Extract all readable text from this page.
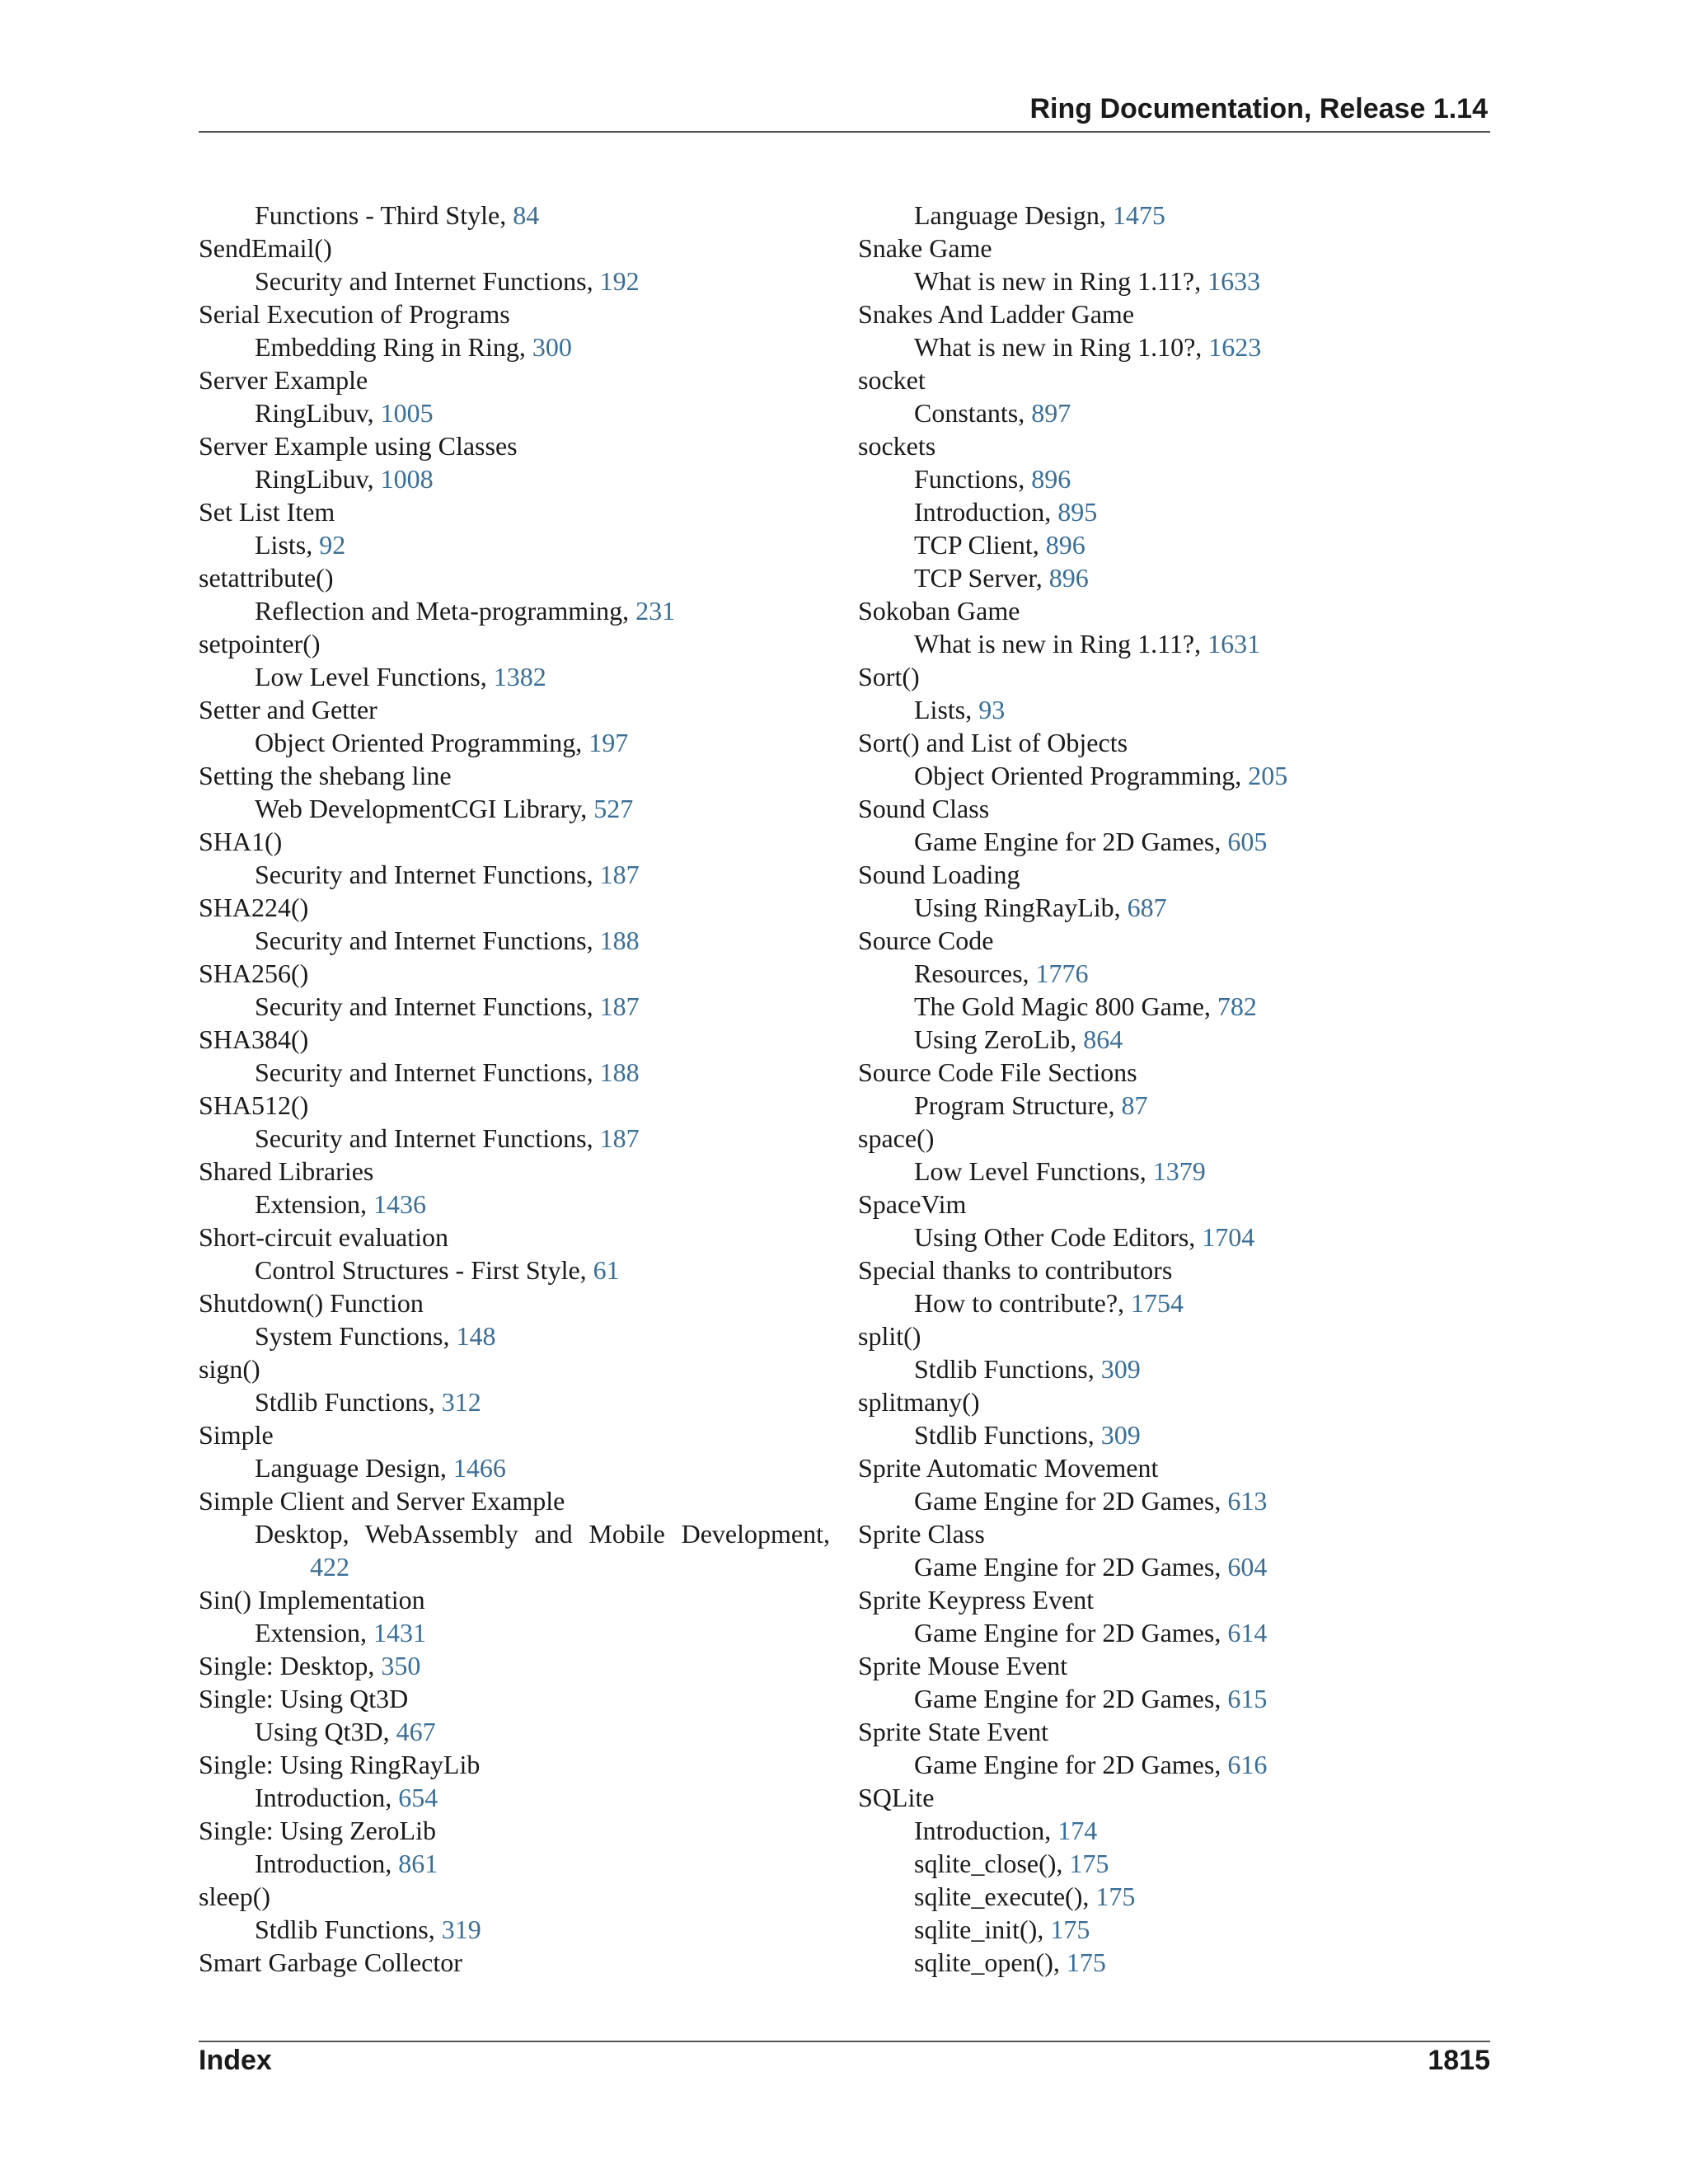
Ring Documentation, Release 1.14
Functions - Third Style, 84
SendEmail()
Security and Internet Functions, 192
Serial Execution of Programs
Embedding Ring in Ring, 300
Server Example
RingLibuv, 1005
Server Example using Classes
RingLibuv, 1008
Set List Item
Lists, 92
setattribute()
Reflection and Meta-programming, 231
setpointer()
Low Level Functions, 1382
Setter and Getter
Object Oriented Programming, 197
Setting the shebang line
Web DevelopmentCGI Library, 527
SHA1()
Security and Internet Functions, 187
SHA224()
Security and Internet Functions, 188
SHA256()
Security and Internet Functions, 187
SHA384()
Security and Internet Functions, 188
SHA512()
Security and Internet Functions, 187
Shared Libraries
Extension, 1436
Short-circuit evaluation
Control Structures - First Style, 61
Shutdown() Function
System Functions, 148
sign()
Stdlib Functions, 312
Simple
Language Design, 1466
Simple Client and Server Example
Desktop, WebAssembly and Mobile Development, 422
Sin() Implementation
Extension, 1431
Single: Desktop, 350
Single: Using Qt3D
Using Qt3D, 467
Single: Using RingRayLib
Introduction, 654
Single: Using ZeroLib
Introduction, 861
sleep()
Stdlib Functions, 319
Smart Garbage Collector
Language Design, 1475
Snake Game
What is new in Ring 1.11?, 1633
Snakes And Ladder Game
What is new in Ring 1.10?, 1623
socket
Constants, 897
sockets
Functions, 896
Introduction, 895
TCP Client, 896
TCP Server, 896
Sokoban Game
What is new in Ring 1.11?, 1631
Sort()
Lists, 93
Sort() and List of Objects
Object Oriented Programming, 205
Sound Class
Game Engine for 2D Games, 605
Sound Loading
Using RingRayLib, 687
Source Code
Resources, 1776
The Gold Magic 800 Game, 782
Using ZeroLib, 864
Source Code File Sections
Program Structure, 87
space()
Low Level Functions, 1379
SpaceVim
Using Other Code Editors, 1704
Special thanks to contributors
How to contribute?, 1754
split()
Stdlib Functions, 309
splitmany()
Stdlib Functions, 309
Sprite Automatic Movement
Game Engine for 2D Games, 613
Sprite Class
Game Engine for 2D Games, 604
Sprite Keypress Event
Game Engine for 2D Games, 614
Sprite Mouse Event
Game Engine for 2D Games, 615
Sprite State Event
Game Engine for 2D Games, 616
SQLite
Introduction, 174
sqlite_close(), 175
sqlite_execute(), 175
sqlite_init(), 175
sqlite_open(), 175
Index	1815
